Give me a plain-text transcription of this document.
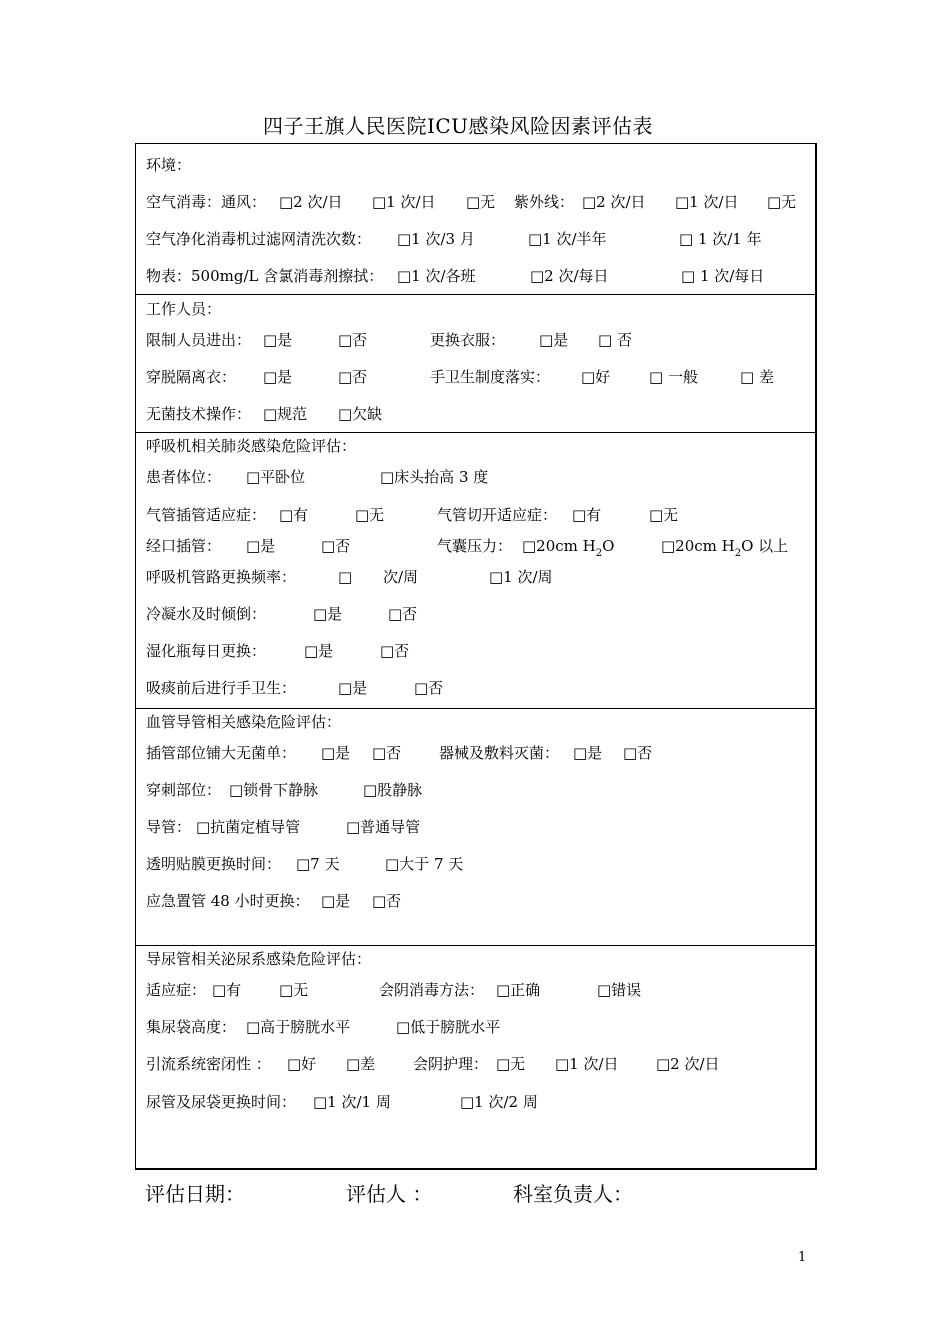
四子王旗人民医院ICU感染风险因素评估表
环境：
空气消毒：通风： □2 次/日 □1 次/日 □无 紫外线： □2 次/日 □1 次/日 □无
空气净化消毒机过滤网清洗次数： □1 次/3 月	□1 次/半年	□ 1 次/1 年
物表：500mg/L 含氯消毒剂擦拭： □1 次/各班	□2 次/每日	□ 1 次/每日
工作人员：
限制人员进出： □是	□否	更换衣服： □是 □ 否
穿脱隔离衣： □是	□否	手卫生制度落实： □好	□ 一般	□ 差
无菌技术操作： □规范 □欠缺
呼吸机相关肺炎感染危险评估：
患者体位： □平卧位	□床头抬高 3 度
气管插管适应症： □有	□无	气管切开适应症： □有	□无
经口插管： □是	□否	气囊压力： □20cm $H_2O$	□20cm $H_2O$ 以上
呼吸机管路更换频率：	□ 次/周	□1 次/周
冷凝水及时倾倒：	□是	□否
湿化瓶每日更换：	□是	□否
吸痰前后进行手卫生：	□是	□否
血管导管相关感染危险评估：
插管部位铺大无菌单： □是 □否	器械及敷料灭菌： □是 □否
穿刺部位： □锁骨下静脉	□股静脉
导管： □抗菌定植导管	□普通导管
透明贴膜更换时间： □7 天	□大于 7 天
应急置管 48 小时更换： □是 □否
导尿管相关泌尿系感染危险评估：
适应症： □有	□无	会阴消毒方法： □正确	□错误
集尿袋高度： □高于膀胱水平	□低于膀胱水平
引流系统密闭性 ： □好 □差	会阴护理： □无 □1 次/日 □2 次/日
尿管及尿袋更换时间： □1 次/1 周	□1 次/2 周
评估日期：	评估人 ：	科室负责人：
1
